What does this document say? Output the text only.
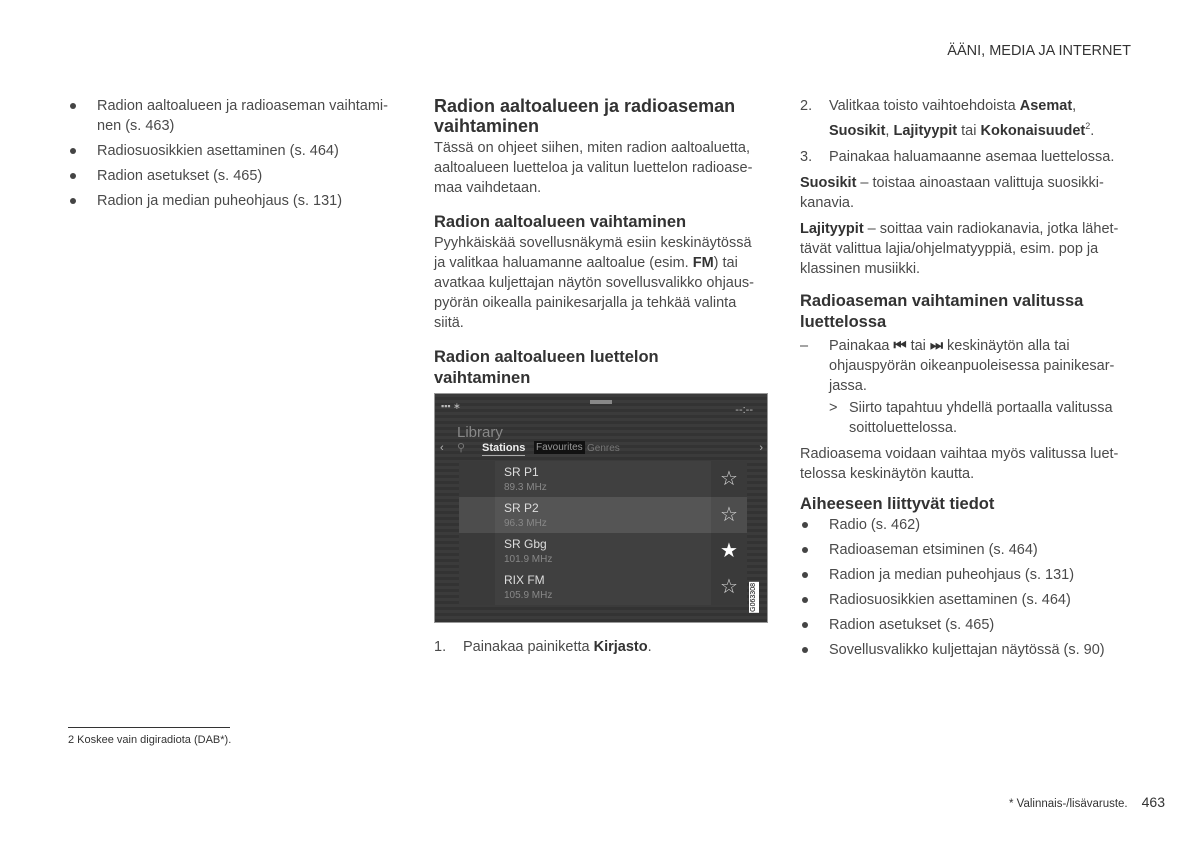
ÄÄNI, MEDIA JA INTERNET
Radion aaltoalueen ja radioaseman vaihtami-
nen (s. 463)
Radiosuosikkien asettaminen (s. 464)
Radion asetukset (s. 465)
Radion ja median puheohjaus (s. 131)
Radion aaltoalueen ja radioaseman
vaihtaminen

Tässä on ohjeet siihen, miten radion aaltoaluetta,
aaltoalueen luetteloa ja valitun luettelon radioase-
maa vaihdetaan.

Radion aaltoalueen vaihtaminen

Pyyhkäiskää sovellusnäkymä esiin keskinäytössä
ja valitkaa haluamanne aaltoalue (esim. FM) tai
avatkaa kuljettajan näytön sovellusvalikko ohjaus-
pyörän oikealla painikesarjalla ja tehkää valinta
siitä.

Radion aaltoalueen luettelon
vaihtaminen
▪▪▪ ∗	--:--
Library
‹ ⚲ Stations Favourites Genres	›
SR P1
89.3 MHz	☆
SR P2
96.3 MHz	☆
SR Gbg
101.9 MHz	★
RIX FM
105.9 MHz	☆	G063308
1.	Painakaa painiketta Kirjasto.
2.	Valitkaa toisto vaihtoehdoista Asemat,
Suosikit, Lajityypit tai Kokonaisuudet$^2$.
3.	Painakaa haluamaanne asemaa luettelossa.

Suosikit – toistaa ainoastaan valittuja suosikki-
kanavia.

Lajityypit – soittaa vain radiokanavia, jotka lähet-
tävät valittua lajia/ohjelmatyyppiä, esim. pop ja
klassinen musiikki.

Radioaseman vaihtaminen valitussa
luettelossa
–	Painakaa ⏮ tai ⏭ keskinäytön alla tai
ohjauspyörän oikeanpuoleisessa painikesar-
jassa.
> Siirto tapahtuu yhdellä portaalla valitussa
soittoluettelossa.

Radioasema voidaan vaihtaa myös valitussa luet-
telossa keskinäytön kautta.

Aiheeseen liittyvät tiedot
Radio (s. 462)
Radioaseman etsiminen (s. 464)
Radion ja median puheohjaus (s. 131)
Radiosuosikkien asettaminen (s. 464)
Radion asetukset (s. 465)
Sovellusvalikko kuljettajan näytössä (s. 90)
2 Koskee vain digiradiota (DAB*).
* Valinnais-/lisävaruste. 463
